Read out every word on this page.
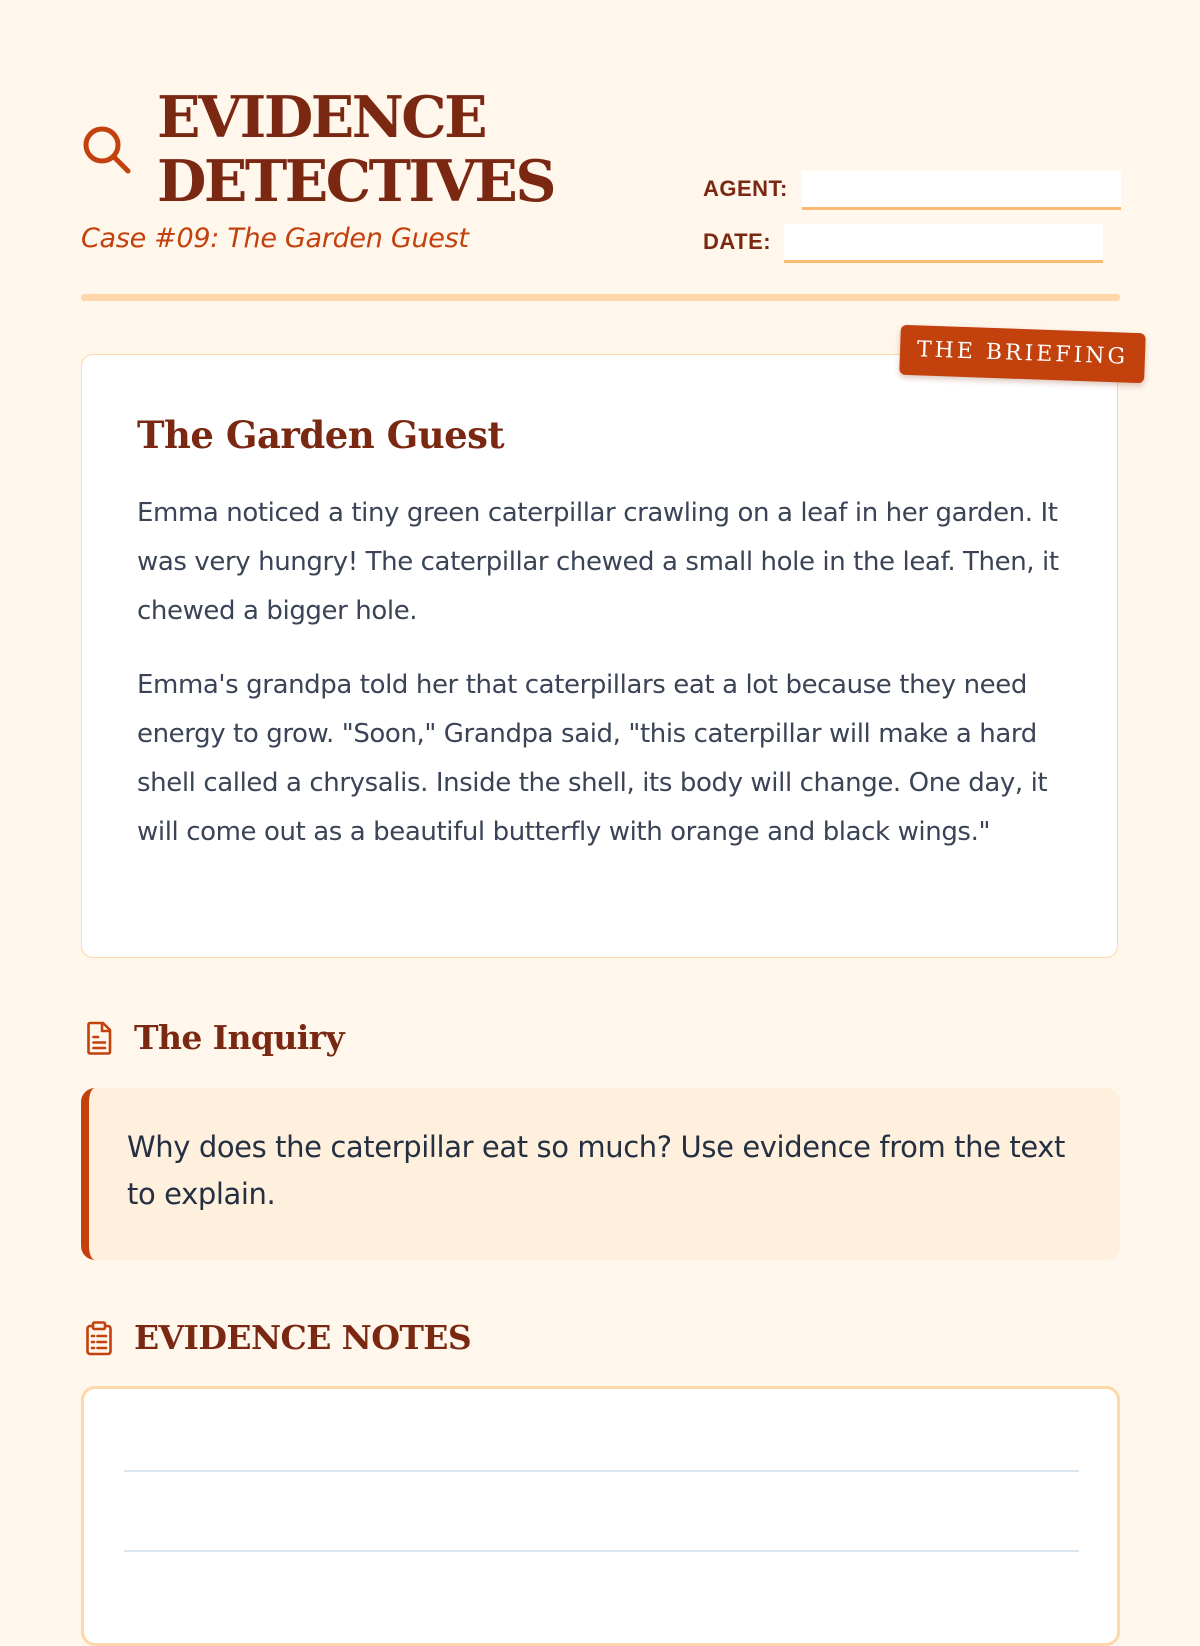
EVIDENCE
DETECTIVES
Case #09: The Garden Guest
AGENT:
DATE:
The Garden Guest

Emma noticed a tiny green caterpillar crawling on a leaf in her garden. It was very hungry! The caterpillar chewed a small hole in the leaf. Then, it chewed a bigger hole.

Emma's grandpa told her that caterpillars eat a lot because they need energy to grow. "Soon," Grandpa said, "this caterpillar will make a hard shell called a chrysalis. Inside the shell, its body will change. One day, it will come out as a beautiful butterfly with orange and black wings."

THE BRIEFING
The Inquiry
Why does the caterpillar eat so much? Use evidence from the text to explain.
EVIDENCE NOTES
